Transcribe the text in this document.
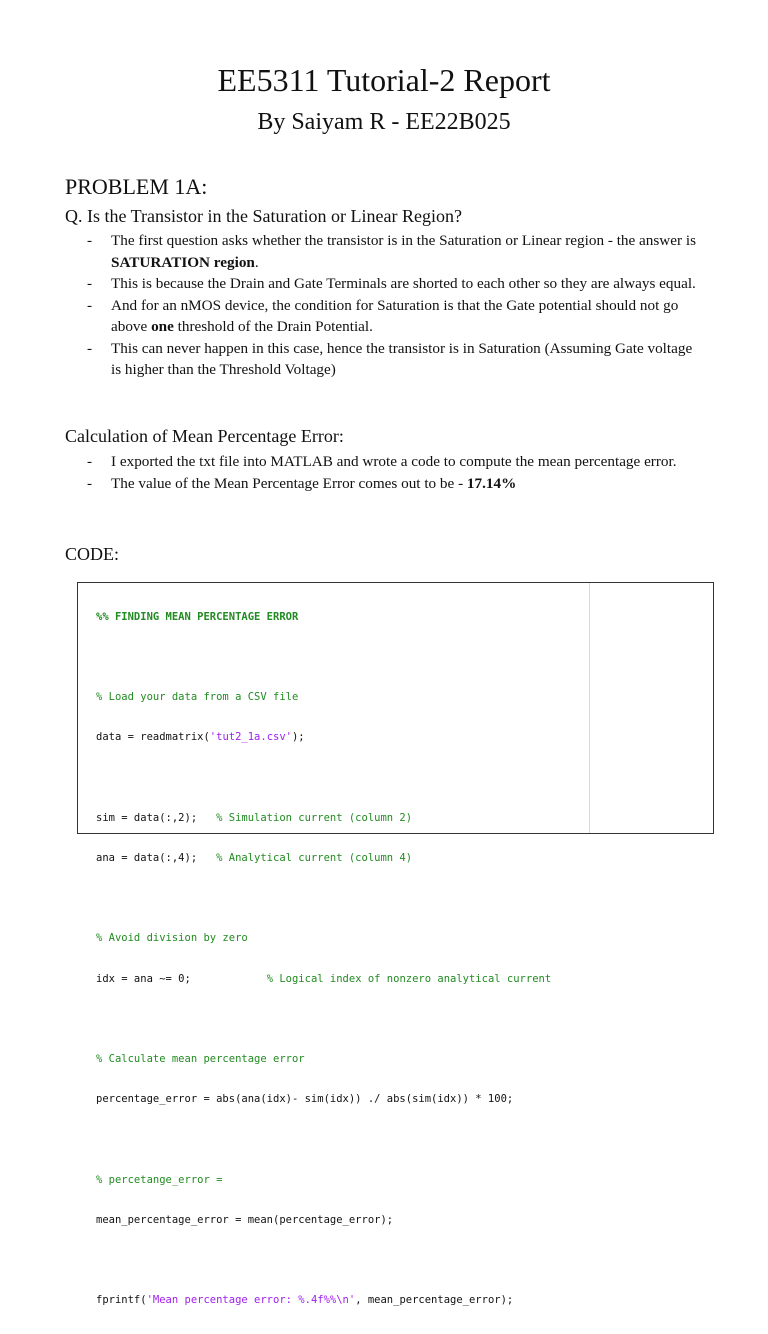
EE5311 Tutorial-2 Report
By Saiyam R - EE22B025
PROBLEM 1A:
Q. Is the Transistor in the Saturation or Linear Region?
- The first question asks whether the transistor is in the Saturation or Linear region - the answer is SATURATION region.
- This is because the Drain and Gate Terminals are shorted to each other so they are always equal.
- And for an nMOS device, the condition for Saturation is that the Gate potential should not go above one threshold of the Drain Potential.
- This can never happen in this case, hence the transistor is in Saturation (Assuming Gate voltage is higher than the Threshold Voltage)
Calculation of Mean Percentage Error:
- I exported the txt file into MATLAB and wrote a code to compute the mean percentage error.
- The value of the Mean Percentage Error comes out to be - 17.14%
CODE:

%% FINDING MEAN PERCENTAGE ERROR

% Load your data from a CSV file

data = readmatrix('tut2_1a.csv');

sim = data(:,2);   % Simulation current (column 2)

ana = data(:,4);   % Analytical current (column 4)

% Avoid division by zero

idx = ana ~= 0;            % Logical index of nonzero analytical current

% Calculate mean percentage error

percentage_error = abs(ana(idx)- sim(idx)) ./ abs(sim(idx)) * 100;

% percetange_error =

mean_percentage_error = mean(percentage_error);

fprintf('Mean percentage error: %.4f%%\n', mean_percentage_error);
